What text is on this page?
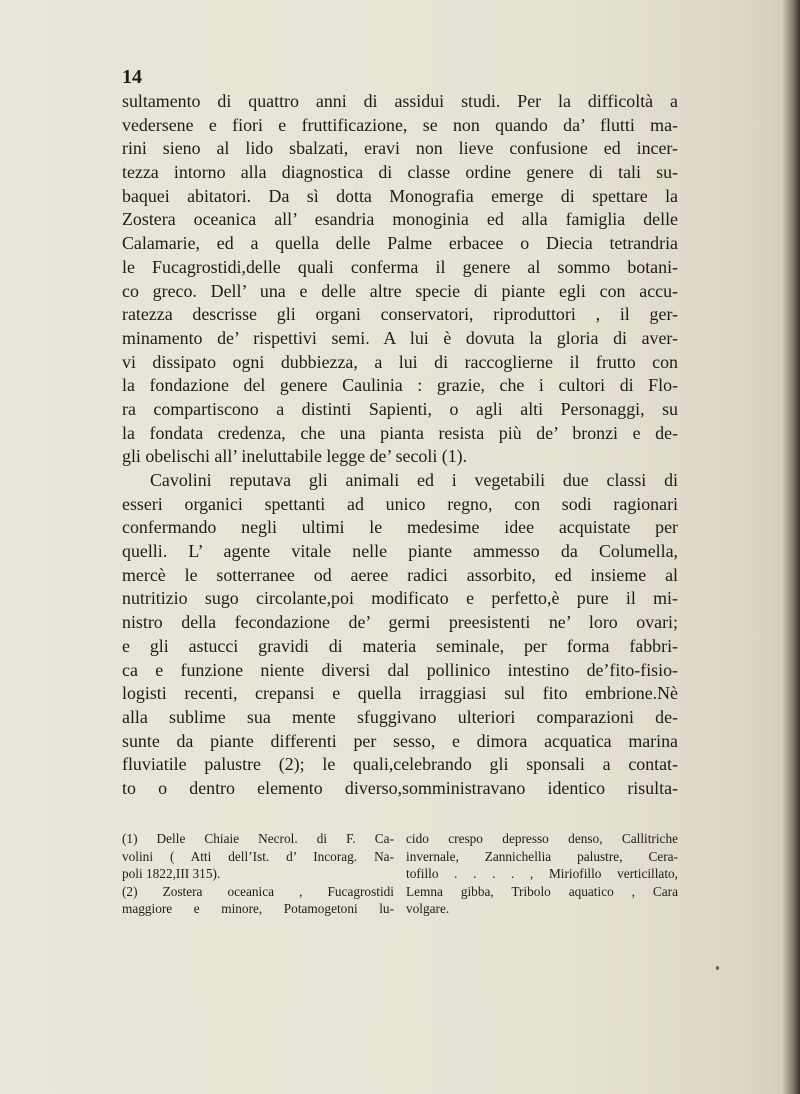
14
sultamento di quattro anni di assidui studi. Per la difficoltà a
vedersene e fiori e fruttificazione, se non quando da’ flutti ma-
rini sieno al lido sbalzati, eravi non lieve confusione ed incer-
tezza intorno alla diagnostica di classe ordine genere di tali su-
baquei abitatori. Da sì dotta Monografia emerge di spettare la
Zostera oceanica all’ esandria monoginia ed alla famiglia delle
Calamarie, ed a quella delle Palme erbacee o Diecia tetrandria
le Fucagrostidi,delle quali conferma il genere al sommo botani-
co greco. Dell’ una e delle altre specie di piante egli con accu-
ratezza descrisse gli organi conservatori, riproduttori , il ger-
minamento de’ rispettivi semi. A lui è dovuta la gloria di aver-
vi dissipato ogni dubbiezza, a lui di raccoglierne il frutto con
la fondazione del genere Caulinia : grazie, che i cultori di Flo-
ra compartiscono a distinti Sapienti, o agli alti Personaggi, su
la fondata credenza, che una pianta resista più de’ bronzi e de-
gli obelischi all’ ineluttabile legge de’ secoli (1).
Cavolini reputava gli animali ed i vegetabili due classi di
esseri organici spettanti ad unico regno, con sodi ragionari
confermando negli ultimi le medesime idee acquistate per
quelli. L’ agente vitale nelle piante ammesso da Columella,
mercè le sotterranee od aeree radici assorbito, ed insieme al
nutritizio sugo circolante,poi modificato e perfetto,è pure il mi-
nistro della fecondazione de’ germi preesistenti ne’ loro ovari;
e gli astucci gravidi di materia seminale, per forma fabbri-
ca e funzione niente diversi dal pollinico intestino de’fito-fisio-
logisti recenti, crepansi e quella irraggiasi sul fito embrione.Nè
alla sublime sua mente sfuggivano ulteriori comparazioni de-
sunte da piante differenti per sesso, e dimora acquatica marina
fluviatile palustre (2); le quali,celebrando gli sponsali a contat-
to o dentro elemento diverso,somministravano identico risulta-
(1) Delle Chiaie Necrol. di F. Ca-
volini ( Atti dell’Ist. d’ Incorag. Na-
poli 1822,III 315).
(2) Zostera oceanica , Fucagrostidi
maggiore e minore, Potamogetoni lu-
cido crespo depresso denso, Callitriche
invernale, Zannichellia palustre, Cera-
tofillo . . . . , Miriofillo verticillato,
Lemna gibba, Tribolo aquatico , Cara
volgare.
